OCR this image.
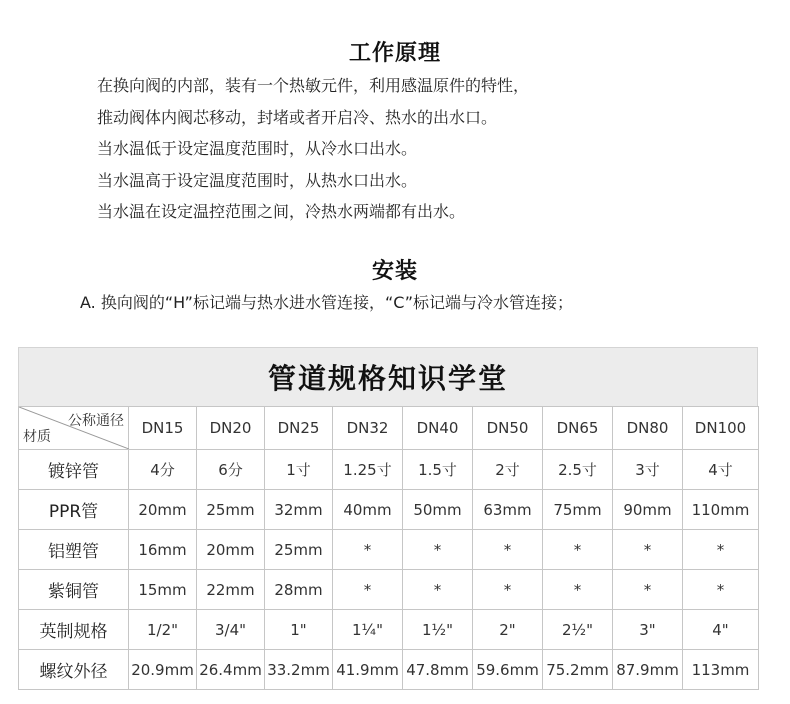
工作原理
在换向阀的内部，装有一个热敏元件，利用感温原件的特性，
推动阀体内阀芯移动，封堵或者开启冷、热水的出水口。
当水温低于设定温度范围时，从冷水口出水。
当水温高于设定温度范围时，从热水口出水。
当水温在设定温控范围之间，冷热水两端都有出水。
安装
A. 换向阀的“H”标记端与热水进水管连接，“C”标记端与冷水管连接；
管道规格知识学堂
公称通径
材质	DN15	DN20	DN25	DN32	DN40	DN50	DN65	DN80	DN100
镀锌管	4分	6分	1寸	1.25寸	1.5寸	2寸	2.5寸	3寸	4寸
PPR管	20mm	25mm	32mm	40mm	50mm	63mm	75mm	90mm	110mm
铝塑管	16mm	20mm	25mm	*	*	*	*	*	*
紫铜管	15mm	22mm	28mm	*	*	*	*	*	*
英制规格	1/2"	3/4"	1"	1¼"	1½"	2"	2½"	3"	4"
螺纹外径	20.9mm	26.4mm	33.2mm	41.9mm	47.8mm	59.6mm	75.2mm	87.9mm	113mm
